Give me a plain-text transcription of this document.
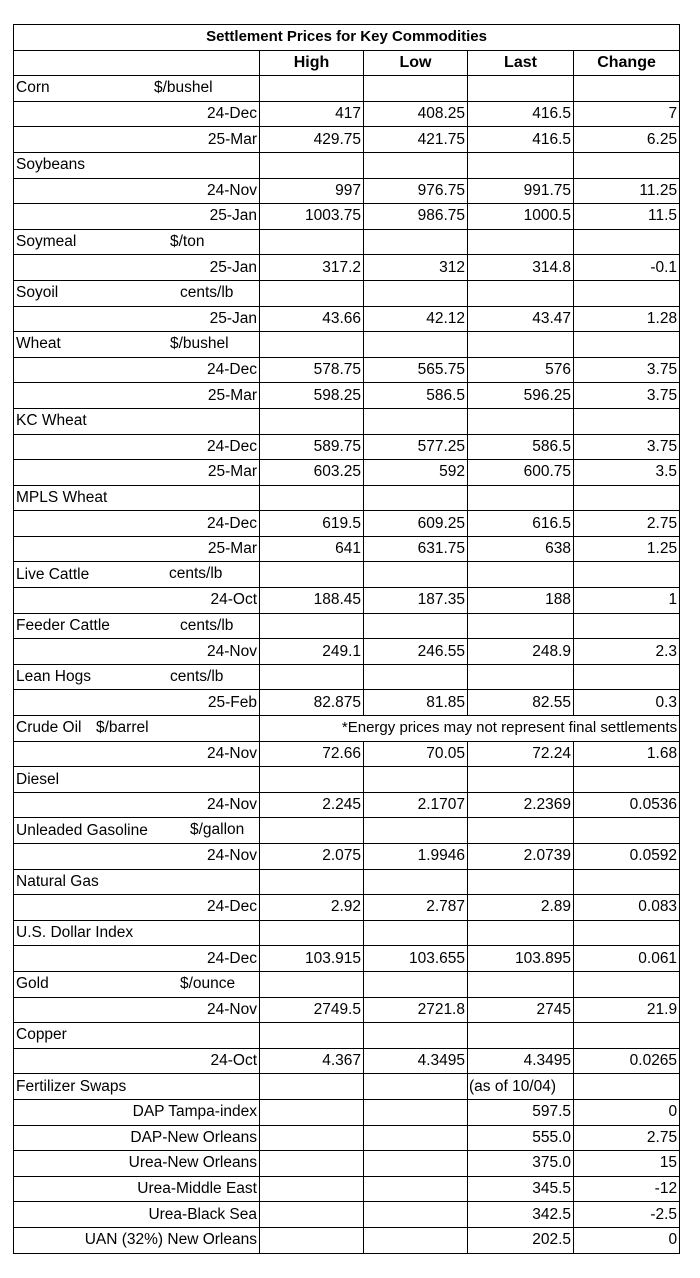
Settlement Prices for Key Commodities				
	High	Low	Last	Change
Corn $/bushel				

24-Dec	417	408.25	416.5	7
25-Mar	429.75	421.75	416.5	6.25
Soybeans				
24-Nov	997	976.75	991.75	11.25
25-Jan	1003.75	986.75	1000.5	11.5
Soymeal $/ton				

25-Jan	317.2	312	314.8	-0.1
Soyoil cents/lb				

25-Jan	43.66	42.12	43.47	1.28
Wheat $/bushel				

24-Dec	578.75	565.75	576	3.75
25-Mar	598.25	586.5	596.25	3.75
KC Wheat				
24-Dec	589.75	577.25	586.5	3.75
25-Mar	603.25	592	600.75	3.5
MPLS Wheat				
24-Dec	619.5	609.25	616.5	2.75
25-Mar	641	631.75	638	1.25
Live Cattle cents/lb				

24-Oct	188.45	187.35	188	1
Feeder Cattle cents/lb				

24-Nov	249.1	246.55	248.9	2.3
Lean Hogs cents/lb				

25-Feb	82.875	81.85	82.55	0.3
Crude Oil $/barrel	*Energy prices may not represent final settlements			
24-Nov	72.66	70.05	72.24	1.68
Diesel				
24-Nov	2.245	2.1707	2.2369	0.0536
Unleaded Gasoline $/gallon				

24-Nov	2.075	1.9946	2.0739	0.0592
Natural Gas				
24-Dec	2.92	2.787	2.89	0.083
U.S. Dollar Index				
24-Dec	103.915	103.655	103.895	0.061
Gold $/ounce				

24-Nov	2749.5	2721.8	2745	21.9
Copper				
24-Oct	4.367	4.3495	4.3495	0.0265
Fertilizer Swaps			(as of 10/04)	
DAP Tampa-index			597.5	0
DAP-New Orleans			555.0	2.75
Urea-New Orleans			375.0	15
Urea-Middle East			345.5	-12
Urea-Black Sea			342.5	-2.5
UAN (32%) New Orleans			202.5	0
